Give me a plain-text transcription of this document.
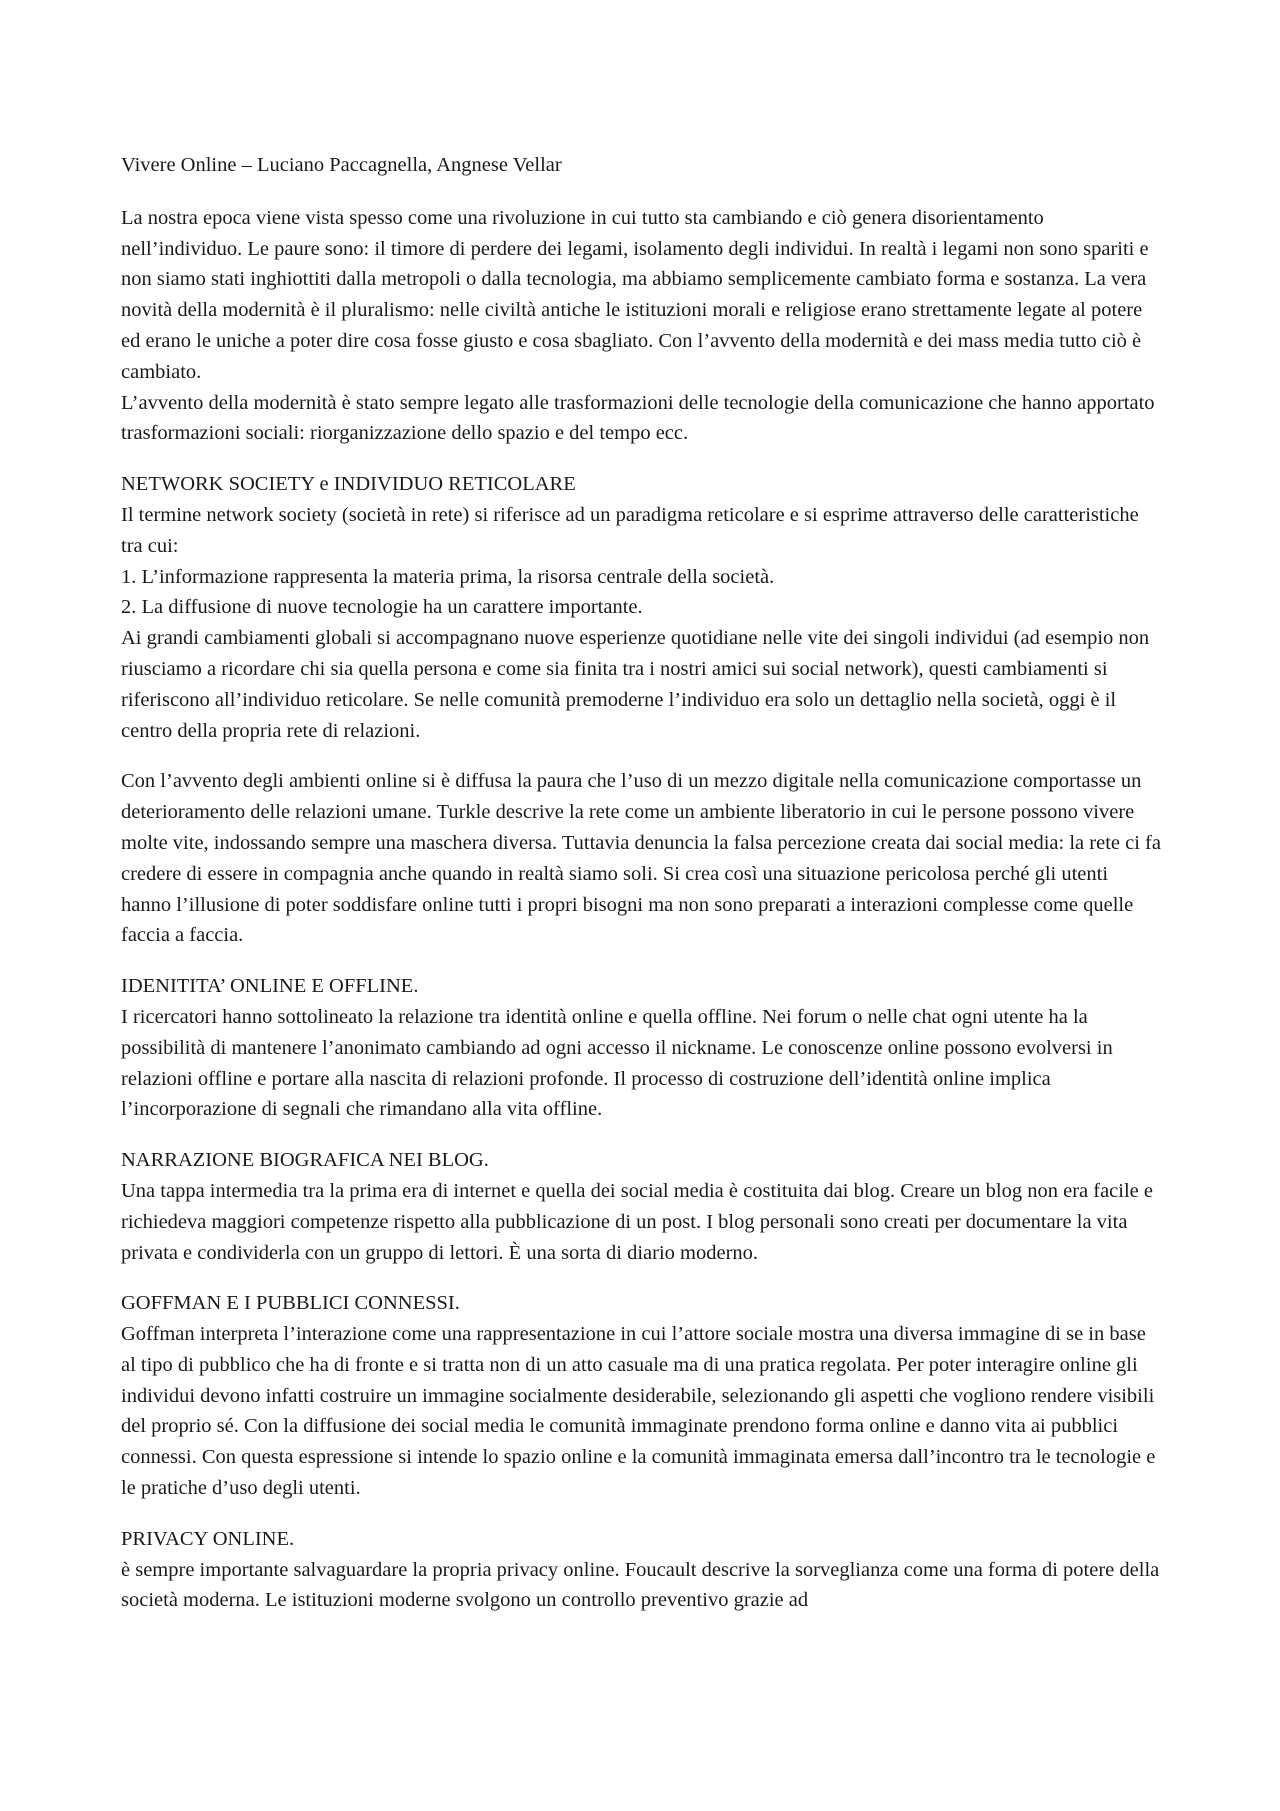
Vivere Online – Luciano Paccagnella, Angnese Vellar

La nostra epoca viene vista spesso come una rivoluzione in cui tutto sta cambiando e ciò genera disorientamento nell’individuo. Le paure sono: il timore di perdere dei legami, isolamento degli individui. In realtà i legami non sono spariti e non siamo stati inghiottiti dalla metropoli o dalla tecnologia, ma abbiamo semplicemente cambiato forma e sostanza. La vera novità della modernità è il pluralismo: nelle civiltà antiche le istituzioni morali e religiose erano strettamente legate al potere ed erano le uniche a poter dire cosa fosse giusto e cosa sbagliato. Con l’avvento della modernità e dei mass media tutto ciò è cambiato.

L’avvento della modernità è stato sempre legato alle trasformazioni delle tecnologie della comunicazione che hanno apportato trasformazioni sociali: riorganizzazione dello spazio e del tempo ecc.

NETWORK SOCIETY e INDIVIDUO RETICOLARE

Il termine network society (società in rete) si riferisce ad un paradigma reticolare e si esprime attraverso delle caratteristiche tra cui:

1. L’informazione rappresenta la materia prima, la risorsa centrale della società.

2. La diffusione di nuove tecnologie ha un carattere importante.

Ai grandi cambiamenti globali si accompagnano nuove esperienze quotidiane nelle vite dei singoli individui (ad esempio non riusciamo a ricordare chi sia quella persona e come sia finita tra i nostri amici sui social network), questi cambiamenti si riferiscono all’individuo reticolare. Se nelle comunità premoderne l’individuo era solo un dettaglio nella società, oggi è il centro della propria rete di relazioni.

Con l’avvento degli ambienti online si è diffusa la paura che l’uso di un mezzo digitale nella comunicazione comportasse un deterioramento delle relazioni umane. Turkle descrive la rete come un ambiente liberatorio in cui le persone possono vivere molte vite, indossando sempre una maschera diversa. Tuttavia denuncia la falsa percezione creata dai social media: la rete ci fa credere di essere in compagnia anche quando in realtà siamo soli. Si crea così una situazione pericolosa perché gli utenti hanno l’illusione di poter soddisfare online tutti i propri bisogni ma non sono preparati a interazioni complesse come quelle faccia a faccia.

IDENITITA’ ONLINE E OFFLINE.

I ricercatori hanno sottolineato la relazione tra identità online e quella offline. Nei forum o nelle chat ogni utente ha la possibilità di mantenere l’anonimato cambiando ad ogni accesso il nickname. Le conoscenze online possono evolversi in relazioni offline e portare alla nascita di relazioni profonde. Il processo di costruzione dell’identità online implica l’incorporazione di segnali che rimandano alla vita offline.

NARRAZIONE BIOGRAFICA NEI BLOG.

Una tappa intermedia tra la prima era di internet e quella dei social media è costituita dai blog. Creare un blog non era facile e richiedeva maggiori competenze rispetto alla pubblicazione di un post. I blog personali sono creati per documentare la vita privata e condividerla con un gruppo di lettori. È una sorta di diario moderno.

GOFFMAN E I PUBBLICI CONNESSI.

Goffman interpreta l’interazione come una rappresentazione in cui l’attore sociale mostra una diversa immagine di se in base al tipo di pubblico che ha di fronte e si tratta non di un atto casuale ma di una pratica regolata. Per poter interagire online gli individui devono infatti costruire un immagine socialmente desiderabile, selezionando gli aspetti che vogliono rendere visibili del proprio sé. Con la diffusione dei social media le comunità immaginate prendono forma online e danno vita ai pubblici connessi. Con questa espressione si intende lo spazio online e la comunità immaginata emersa dall’incontro tra le tecnologie e le pratiche d’uso degli utenti.

PRIVACY ONLINE.

è sempre importante salvaguardare la propria privacy online. Foucault descrive la sorveglianza come una forma di potere della società moderna. Le istituzioni moderne svolgono un controllo preventivo grazie ad
